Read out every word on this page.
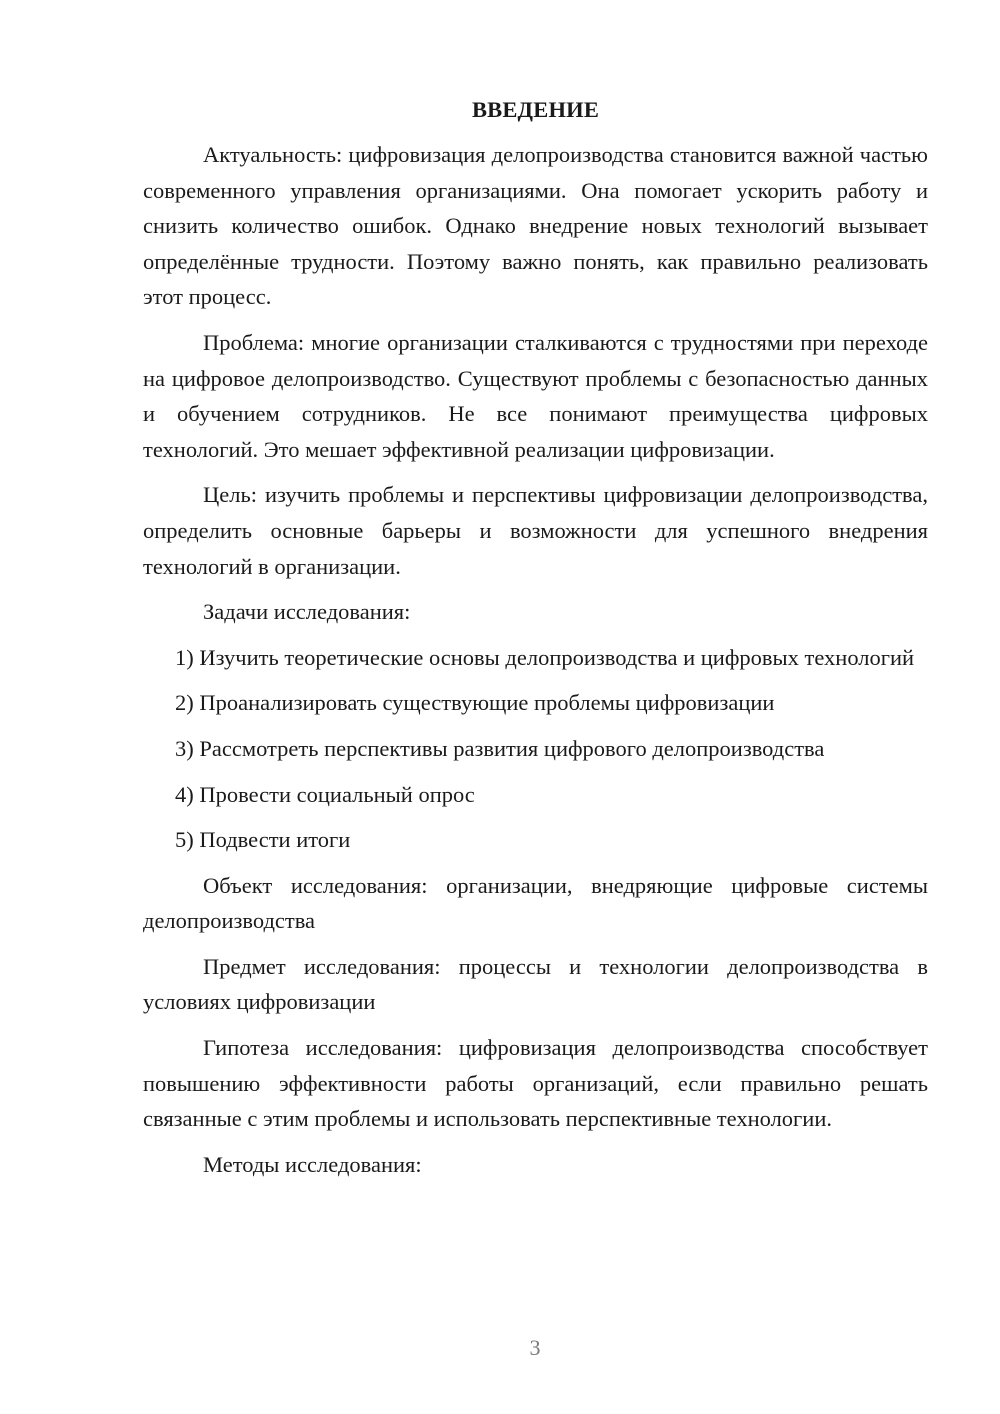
ВВЕДЕНИЕ

Актуальность: цифровизация делопроизводства становится важной частью современного управления организациями. Она помогает ускорить работу и снизить количество ошибок. Однако внедрение новых технологий вызывает определённые трудности. Поэтому важно понять, как правильно реализовать этот процесс.

Проблема: многие организации сталкиваются с трудностями при переходе на цифровое делопроизводство. Существуют проблемы с безопасностью данных и обучением сотрудников. Не все понимают преимущества цифровых технологий. Это мешает эффективной реализации цифровизации.

Цель: изучить проблемы и перспективы цифровизации делопроизводства, определить основные барьеры и возможности для успешного внедрения технологий в организации.

Задачи исследования:

1) Изучить теоретические основы делопроизводства и цифровых технологий

2) Проанализировать существующие проблемы цифровизации

3) Рассмотреть перспективы развития цифрового делопроизводства

4) Провести социальный опрос

5) Подвести итоги

Объект исследования: организации, внедряющие цифровые системы делопроизводства

Предмет исследования: процессы и технологии делопроизводства в условиях цифровизации

Гипотеза исследования: цифровизация делопроизводства способствует повышению эффективности работы организаций, если правильно решать связанные с этим проблемы и использовать перспективные технологии.

Методы исследования:

3
